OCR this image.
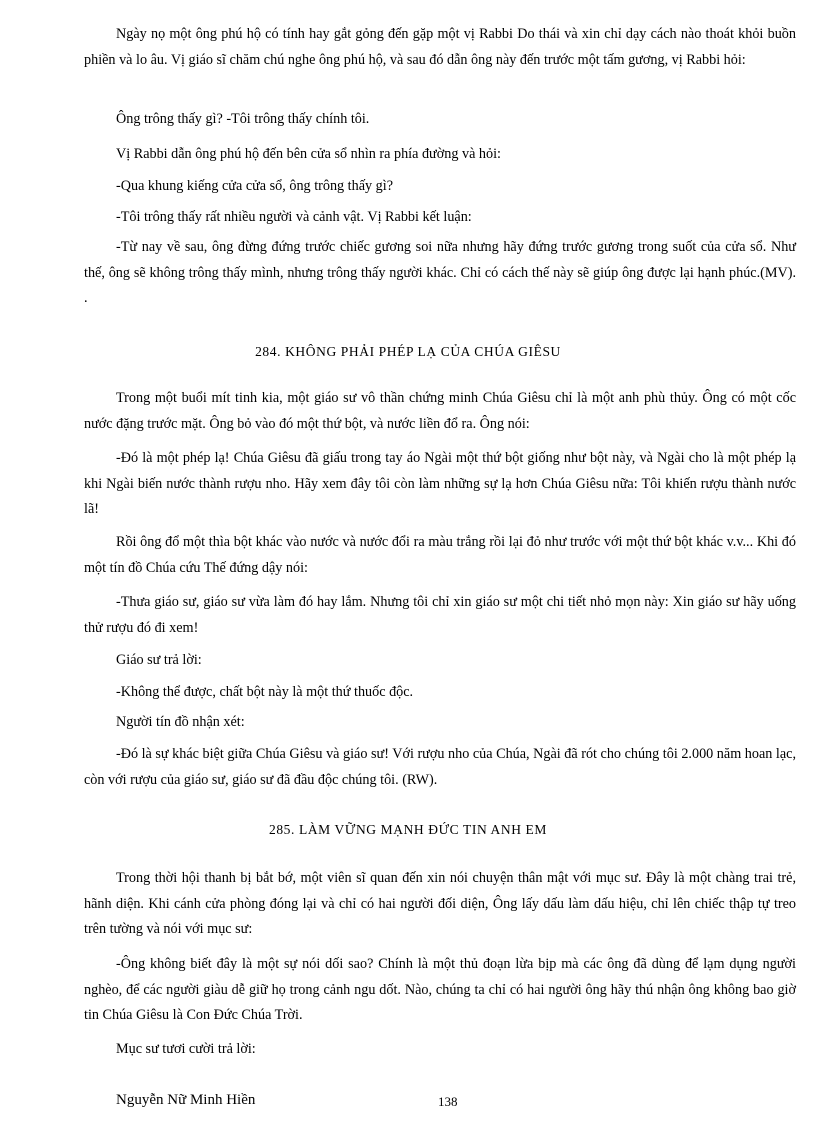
Ngày nọ một ông phú hộ có tính hay gắt gỏng đến gặp một vị Rabbi Do thái và xin chỉ dạy cách nào thoát khỏi buồn phiền và lo âu. Vị giáo sĩ chăm chú nghe ông phú hộ, và sau đó dẫn ông này đến trước một tấm gương, vị Rabbi hỏi:

Ông trông thấy gì? -Tôi trông thấy chính tôi.

Vị Rabbi dẫn ông phú hộ đến bên cửa sổ nhìn ra phía đường và hỏi:

-Qua khung kiếng cửa cửa sổ, ông trông thấy gì?

-Tôi trông thấy rất nhiều người và cảnh vật. Vị Rabbi kết luận:

-Từ nay về sau, ông đừng đứng trước chiếc gương soi nữa nhưng hãy đứng trước gương trong suốt của cửa sổ. Như thế, ông sẽ không trông thấy mình, nhưng trông thấy người khác. Chỉ có cách thế này sẽ giúp ông được lại hạnh phúc.(MV). .

284. KHÔNG PHẢI PHÉP LẠ CỦA CHÚA GIÊSU

Trong một buổi mít tinh kia, một giáo sư vô thần chứng minh Chúa Giêsu chỉ là một anh phù thủy. Ông có một cốc nước đặng trước mặt. Ông bỏ vào đó một thứ bột, và nước liền đổ ra. Ông nói:

-Đó là một phép lạ! Chúa Giêsu đã giấu trong tay áo Ngài một thứ bột giống như bột này, và Ngài cho là một phép lạ khi Ngài biến nước thành rượu nho. Hãy xem đây tôi còn làm những sự lạ hơn Chúa Giêsu nữa: Tôi khiến rượu thành nước lã!

Rồi ông đổ một thìa bột khác vào nước và nước đổi ra màu trắng rồi lại đỏ như trước với một thứ bột khác v.v... Khi đó một tín đồ Chúa cứu Thế đứng dậy nói:

-Thưa giáo sư, giáo sư vừa làm đó hay lắm. Nhưng tôi chỉ xin giáo sư một chi tiết nhỏ mọn này: Xin giáo sư hãy uống thử rượu đó đi xem!

Giáo sư trả lời:

-Không thể được, chất bột này là một thứ thuốc độc.

Người tín đồ nhận xét:

-Đó là sự khác biệt giữa Chúa Giêsu và giáo sư! Với rượu nho của Chúa, Ngài đã rót cho chúng tôi 2.000 năm hoan lạc, còn với rượu của giáo sư, giáo sư đã đầu độc chúng tôi. (RW).

285. LÀM VỮNG MẠNH ĐỨC TIN ANH EM

Trong thời hội thanh bị bắt bớ, một viên sĩ quan đến xin nói chuyện thân mật với mục sư. Đây là một chàng trai trẻ, hãnh diện. Khi cánh cửa phòng đóng lại và chỉ có hai người đối diện, Ông lấy dấu làm dấu hiệu, chỉ lên chiếc thập tự treo trên tường và nói với mục sư:

-Ông không biết đây là một sự nói dối sao? Chính là một thủ đoạn lừa bịp mà các ông đã dùng để lạm dụng người nghèo, để các người giàu dễ giữ họ trong cảnh ngu dốt. Nào, chúng ta chỉ có hai người ông hãy thú nhận ông không bao giờ tin Chúa Giêsu là Con Đức Chúa Trời.

Mục sư tươi cười trả lời:

Nguyễn Nữ Minh Hiền	138
